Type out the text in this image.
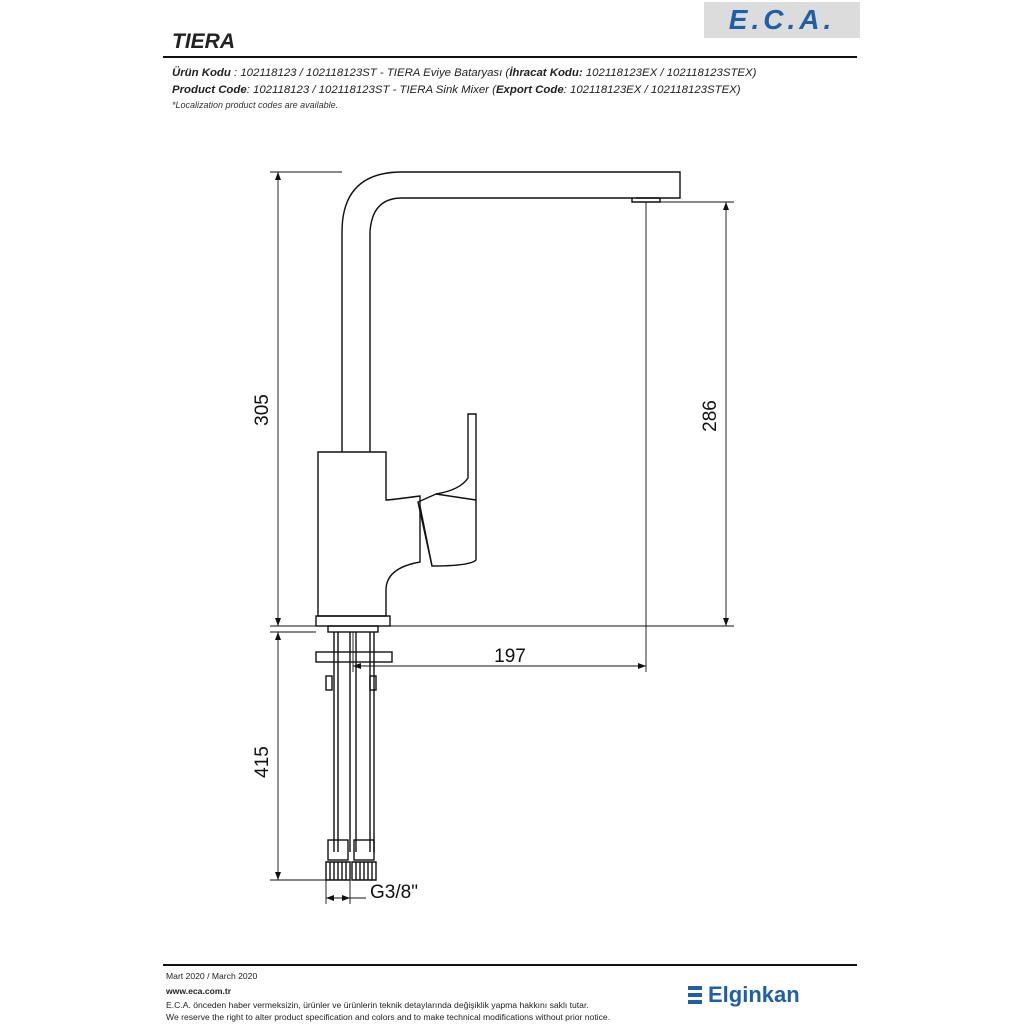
E.C.A.
TIERA
Ürün Kodu : 102118123 / 102118123ST - TIERA Eviye Bataryası (İhracat Kodu: 102118123EX / 102118123STEX)
Product Code: 102118123 / 102118123ST - TIERA Sink Mixer (Export Code: 102118123EX / 102118123STEX)
*Localization product codes are available.
305	286
197
415
G3/8"
Mart 2020 / March 2020
www.eca.com.tr
E.C.A. önceden haber vermeksizin, ürünler ve ürünlerin teknik detaylarında değişiklik yapma hakkını saklı tutar.
We reserve the right to alter product specification and colors and to make technical modifications without prior notice.
Elginkan
